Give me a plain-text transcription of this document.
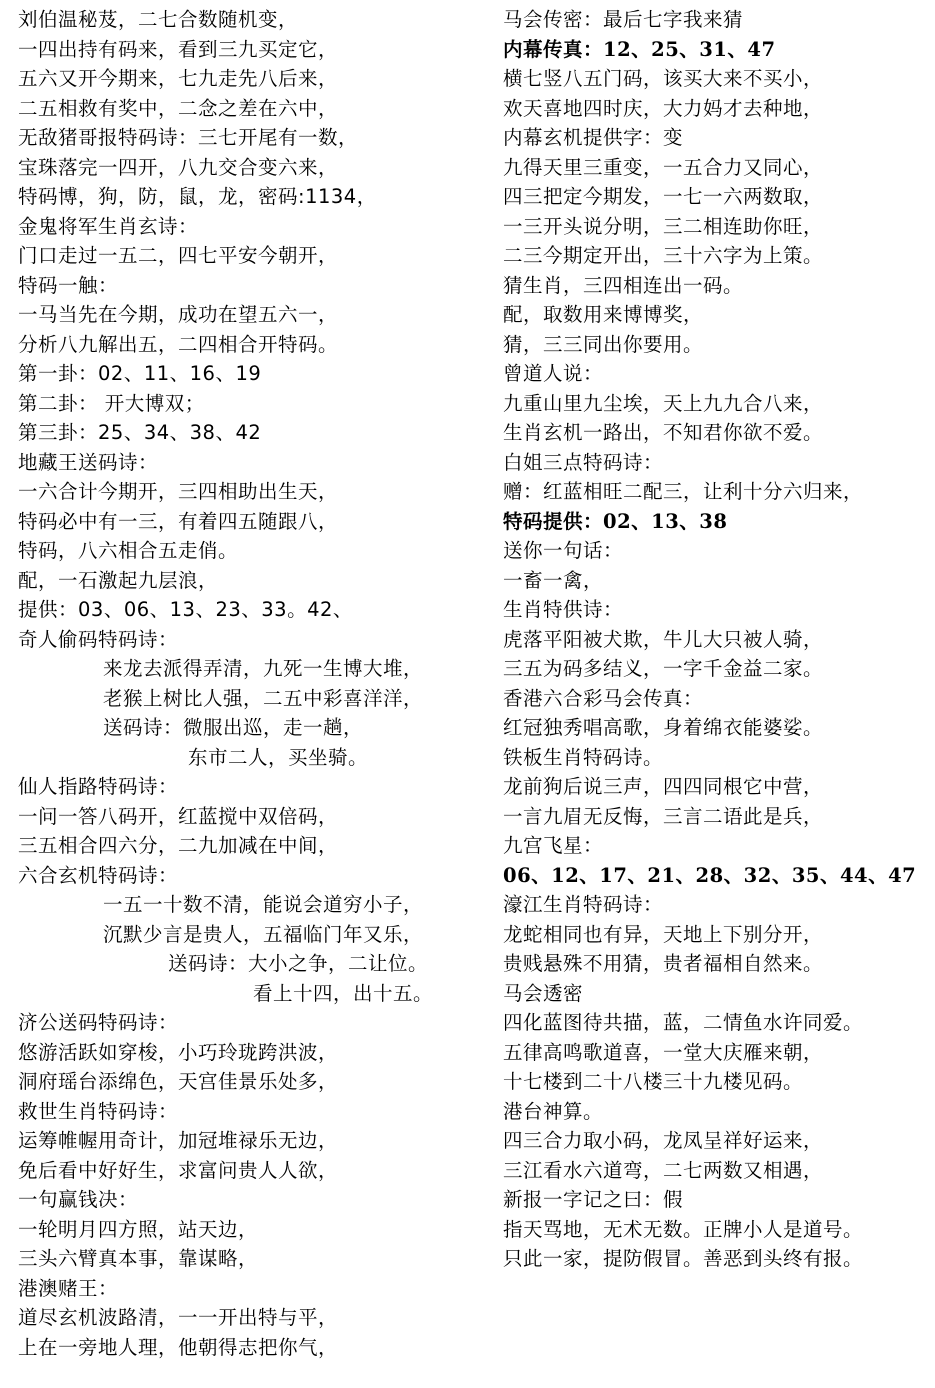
刘伯温秘芨，二七合数随机变，
一四出持有码来，看到三九买定它，
五六又开今期来，七九走先八后来，
二五相救有奖中，二念之差在六中，
无敌猪哥报特码诗：三七开尾有一数，
宝珠落完一四开，八九交合变六来，
特码博，狗，防，鼠，龙，密码:1134，
金鬼将军生肖玄诗：
门口走过一五二，四七平安今朝开，
特码一触：
一马当先在今期，成功在望五六一，
分析八九解出五，二四相合开特码。
第一卦：02、11、16、19
第二卦： 开大博双；
第三卦：25、34、38、42
地藏王送码诗：
一六合计今期开，三四相助出生天，
特码必中有一三，有着四五随跟八，
特码，八六相合五走俏。
配，一石激起九层浪，
提供：03、06、13、23、33。42、
奇人偷码特码诗：
来龙去派得弄清，九死一生博大堆，
老猴上树比人强，二五中彩喜洋洋，
送码诗：微服出巡，走一趟，
东市二人，买坐骑。
仙人指路特码诗：
一问一答八码开，红蓝搅中双倍码，
三五相合四六分，二九加减在中间，
六合玄机特码诗：
一五一十数不清，能说会道穷小子，
沉默少言是贵人，五福临门年又乐，
送码诗：大小之争，二让位。
看上十四，出十五。
济公送码特码诗：
悠游活跃如穿梭，小巧玲珑跨洪波，
洞府瑶台添绵色，天宫佳景乐处多，
救世生肖特码诗：
运筹帷幄用奇计，加冠堆禄乐无边，
免后看中好好生，求富问贵人人欲，
一句赢钱决：
一轮明月四方照，站天边，
三头六臂真本事，靠谋略，
港澳赌王：
道尽玄机波路清，一一开出特与平，
上在一旁地人理，他朝得志把你气，
马会传密：最后七字我来猜
内幕传真：12、25、31、47
横七竖八五门码，该买大来不买小，
欢天喜地四时庆，大力妈才去种地，
内幕玄机提供字：变
九得天里三重变，一五合力又同心，
四三把定今期发，一七一六两数取，
一三开头说分明，三二相连助你旺，
二三今期定开出，三十六字为上策。
猜生肖，三四相连出一码。
配，取数用来博博奖，
猜，三三同出你要用。
曾道人说：
九重山里九尘埃，天上九九合八来，
生肖玄机一路出，不知君你欲不爱。
白姐三点特码诗：
赠：红蓝相旺二配三，让利十分六归来，
特码提供：02、13、38
送你一句话：
一畜一禽，
生肖特供诗：
虎落平阳被犬欺，牛儿大只被人骑，
三五为码多结义，一字千金益二家。
香港六合彩马会传真：
红冠独秀唱高歌，身着绵衣能婆娑。
铁板生肖特码诗。
龙前狗后说三声，四四同根它中营，
一言九眉无反悔，三言二语此是兵，
九宫飞星：
06、12、17、21、28、32、35、44、47
濠江生肖特码诗：
龙蛇相同也有异，天地上下别分开，
贵贱悬殊不用猜，贵者福相自然来。
马会透密
四化蓝图待共描，蓝，二情鱼水许同爱。
五律高鸣歌道喜，一堂大庆雁来朝，
十七楼到二十八楼三十九楼见码。
港台神算。
四三合力取小码，龙凤呈祥好运来，
三江看水六道弯，二七两数又相遇，
新报一字记之曰：假
指天骂地，无术无数。正牌小人是道号。
只此一家，提防假冒。善恶到头终有报。
